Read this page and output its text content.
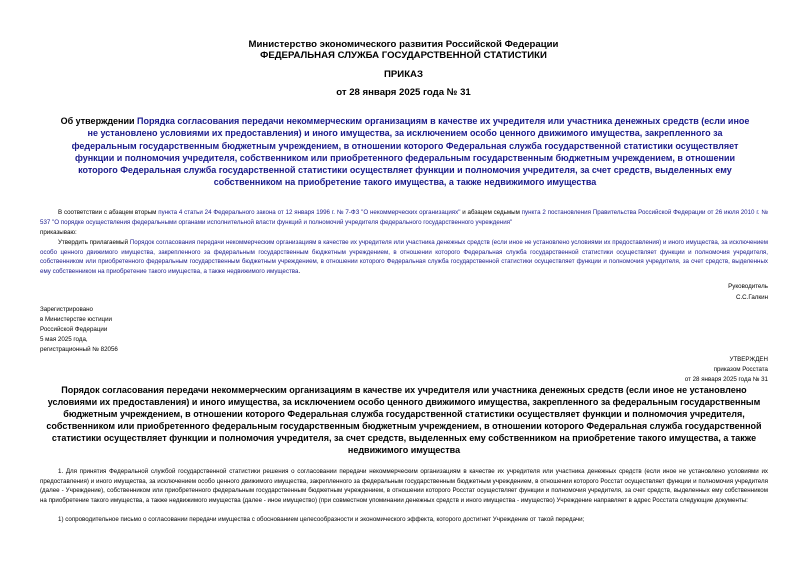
Министерство экономического развития Российской Федерации
ФЕДЕРАЛЬНАЯ СЛУЖБА ГОСУДАРСТВЕННОЙ СТАТИСТИКИ
ПРИКАЗ
от 28 января 2025 года № 31
Об утверждении Порядка согласования передачи некоммерческим организациям в качестве их учредителя или участника денежных средств (если иное не установлено условиями их предоставления) и иного имущества, за исключением особо ценного движимого имущества, закрепленного за федеральным государственным бюджетным учреждением, в отношении которого Федеральная служба государственной статистики осуществляет функции и полномочия учредителя, собственником или приобретенного федеральным государственным бюджетным учреждением, в отношении которого Федеральная служба государственной статистики осуществляет функции и полномочия учредителя, за счет средств, выделенных ему собственником на приобретение такого имущества, а также недвижимого имущества
В соответствии с абзацем вторым пункта 4 статьи 24 Федерального закона от 12 января 1996 г. № 7-ФЗ "О некоммерческих организациях" и абзацем седьмым пункта 2 постановления Правительства Российской Федерации от 26 июля 2010 г. № 537 "О порядке осуществления федеральными органами исполнительной власти функций и полномочий учредителя федерального государственного учреждения"
приказываю:
Утвердить прилагаемый Порядок согласования передачи некоммерческим организациям в качестве их учредителя или участника денежных средств (если иное не установлено условиями их предоставления) и иного имущества, за исключением особо ценного движимого имущества, закрепленного за федеральным государственным бюджетным учреждением, в отношении которого Федеральная служба государственной статистики осуществляет функции и полномочия учредителя, собственником или приобретенного федеральным государственным бюджетным учреждением, в отношении которого Федеральная служба государственной статистики осуществляет функции и полномочия учредителя, за счет средств, выделенных ему собственником на приобретение такого имущества, а также недвижимого имущества.
Руководитель
С.С.Галкин
Зарегистрировано
в Министерстве юстиции
Российской Федерации
5 мая 2025 года,
регистрационный № 82056
УТВЕРЖДЕН
приказом Росстата
от 28 января 2025 года № 31
Порядок согласования передачи некоммерческим организациям в качестве их учредителя или участника денежных средств (если иное не установлено условиями их предоставления) и иного имущества, за исключением особо ценного движимого имущества, закрепленного за федеральным государственным бюджетным учреждением, в отношении которого Федеральная служба государственной статистики осуществляет функции и полномочия учредителя, собственником или приобретенного федеральным государственным бюджетным учреждением, в отношении которого Федеральная служба государственной статистики осуществляет функции и полномочия учредителя, за счет средств, выделенных ему собственником на приобретение такого имущества, а также недвижимого имущества
1. Для принятия Федеральной службой государственной статистики решения о согласовании передачи некоммерческим организациям в качестве их учредителя или участника денежных средств (если иное не установлено условиями их предоставления) и иного имущества, за исключением особо ценного движимого имущества, закрепленного за федеральным государственным бюджетным учреждением, в отношении которого Росстат осуществляет функции и полномочия учредителя (далее - Учреждение), собственником или приобретенного федеральным государственным бюджетным учреждением, в отношении которого Росстат осуществляет функции и полномочия учредителя, за счет средств, выделенных ему собственником на приобретение такого имущества, а также недвижимого имущества (далее - иное имущество) (при совместном упоминании денежных средств и иного имущества - имущество) Учреждение направляет в адрес Росстата следующие документы:
1) сопроводительное письмо о согласовании передачи имущества с обоснованием целесообразности и экономического эффекта, которого достигнет Учреждение от такой передачи;
